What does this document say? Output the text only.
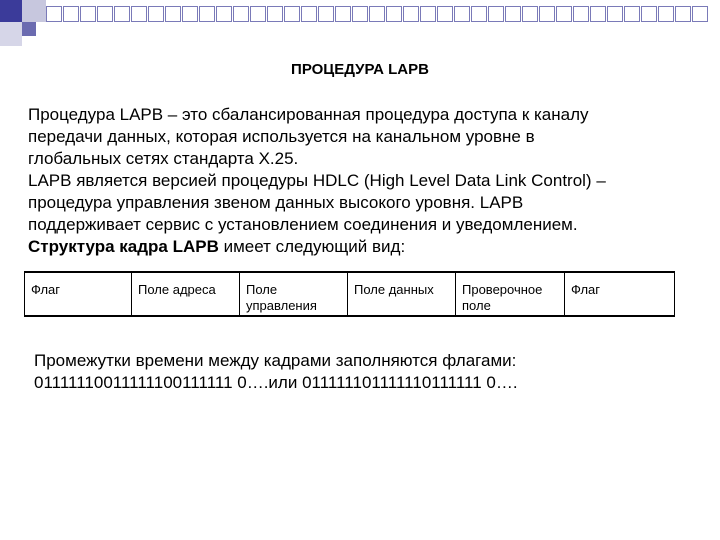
ПРОЦЕДУРА LAPB
Процедура LAPB – это сбалансированная процедура доступа к каналу
передачи данных, которая используется на канальном уровне в
глобальных сетях стандарта Х.25.
LAPB является версией процедуры HDLC (High Level Data Link Control) –
процедура управления звеном данных высокого уровня. LAPB
поддерживает сервис с установлением соединения и уведомлением.
Структура кадра LAPB имеет следующий вид:
Флаг	Поле адреса	Поле управления	Поле данных	Проверочное поле	Флаг
Промежутки времени между кадрами заполняются флагами:
01111110011111100111111 0….или 011111101111110111111 0….
